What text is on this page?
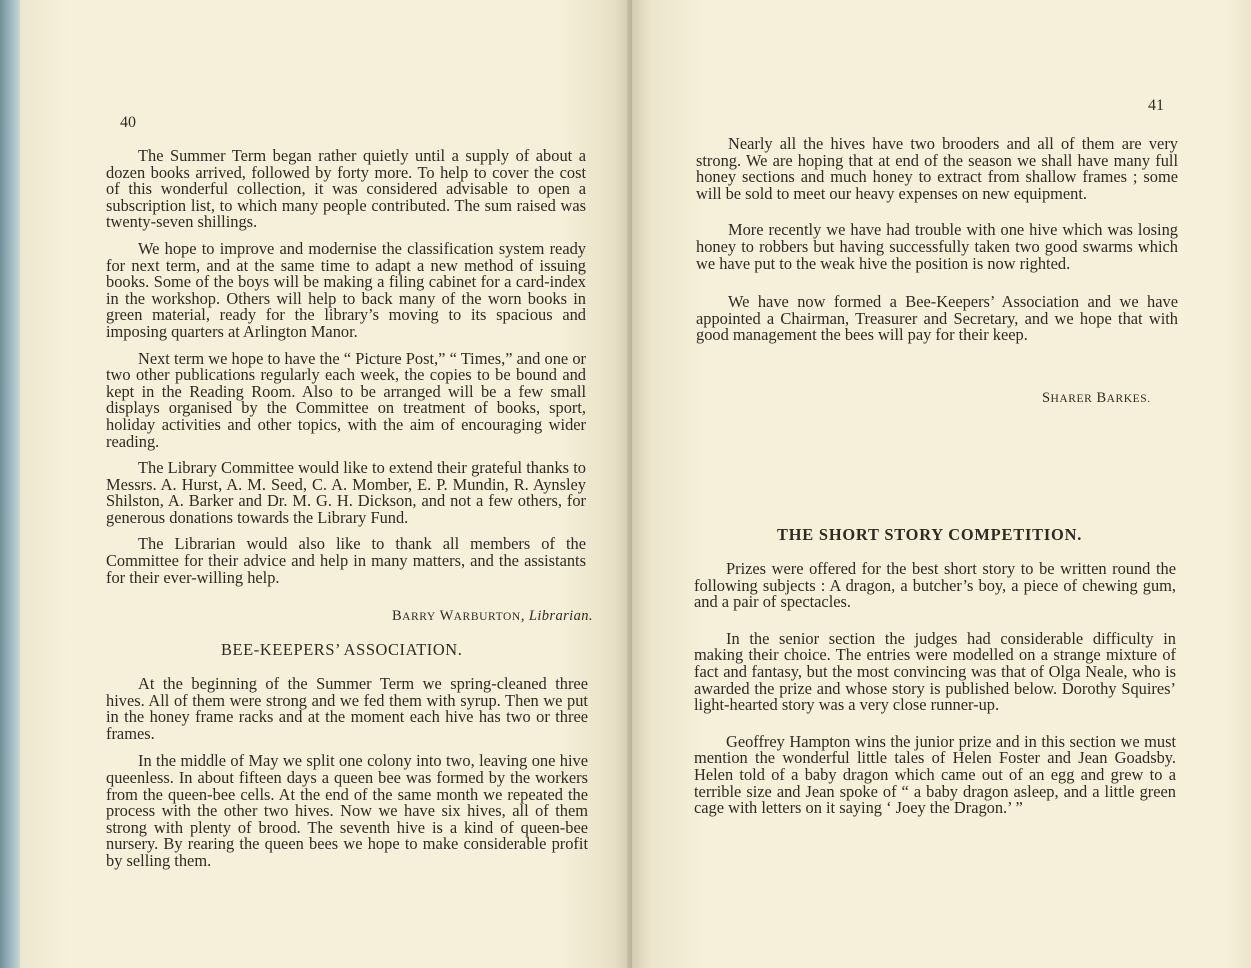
40

The Summer Term began rather quietly until a supply of about a dozen books arrived, followed by forty more. To help to cover the cost of this wonderful collection, it was considered advisable to open a subscription list, to which many people contributed. The sum raised was twenty-seven shillings.

We hope to improve and modernise the classification system ready for next term, and at the same time to adapt a new method of issuing books. Some of the boys will be making a filing cabinet for a card-index in the workshop. Others will help to back many of the worn books in green material, ready for the library’s moving to its spacious and imposing quarters at Arlington Manor.

Next term we hope to have the “ Picture Post,” “ Times,” and one or two other publications regularly each week, the copies to be bound and kept in the Reading Room. Also to be arranged will be a few small displays organised by the Committee on treatment of books, sport, holiday activities and other topics, with the aim of encouraging wider reading.

The Library Committee would like to extend their grateful thanks to Messrs. A. Hurst, A. M. Seed, C. A. Momber, E. P. Mundin, R. Aynsley Shilston, A. Barker and Dr. M. G. H. Dickson, and not a few others, for generous donations towards the Library Fund.

The Librarian would also like to thank all members of the Committee for their advice and help in many matters, and the assistants for their ever-willing help.

BARRY WARBURTON, Librarian.
BEE-KEEPERS’ ASSOCIATION.

At the beginning of the Summer Term we spring-cleaned three hives. All of them were strong and we fed them with syrup. Then we put in the honey frame racks and at the moment each hive has two or three frames.

In the middle of May we split one colony into two, leaving one hive queenless. In about fifteen days a queen bee was formed by the workers from the queen-bee cells. At the end of the same month we repeated the process with the other two hives. Now we have six hives, all of them strong with plenty of brood. The seventh hive is a kind of queen-bee nursery. By rearing the queen bees we hope to make considerable profit by selling them.

41

Nearly all the hives have two brooders and all of them are very strong. We are hoping that at end of the season we shall have many full honey sections and much honey to extract from shallow frames ; some will be sold to meet our heavy expenses on new equipment.

More recently we have had trouble with one hive which was losing honey to robbers but having successfully taken two good swarms which we have put to the weak hive the position is now righted.

We have now formed a Bee-Keepers’ Association and we have appointed a Chairman, Treasurer and Secretary, and we hope that with good management the bees will pay for their keep.

SHARER BARKES.
THE SHORT STORY COMPETITION.

Prizes were offered for the best short story to be written round the following subjects : A dragon, a butcher’s boy, a piece of chewing gum, and a pair of spectacles.

In the senior section the judges had considerable difficulty in making their choice. The entries were modelled on a strange mixture of fact and fantasy, but the most convincing was that of Olga Neale, who is awarded the prize and whose story is published below. Dorothy Squires’ light-hearted story was a very close runner-up.

Geoffrey Hampton wins the junior prize and in this section we must mention the wonderful little tales of Helen Foster and Jean Goadsby. Helen told of a baby dragon which came out of an egg and grew to a terrible size and Jean spoke of “ a baby dragon asleep, and a little green cage with letters on it saying ‘ Joey the Dragon.’ ”
